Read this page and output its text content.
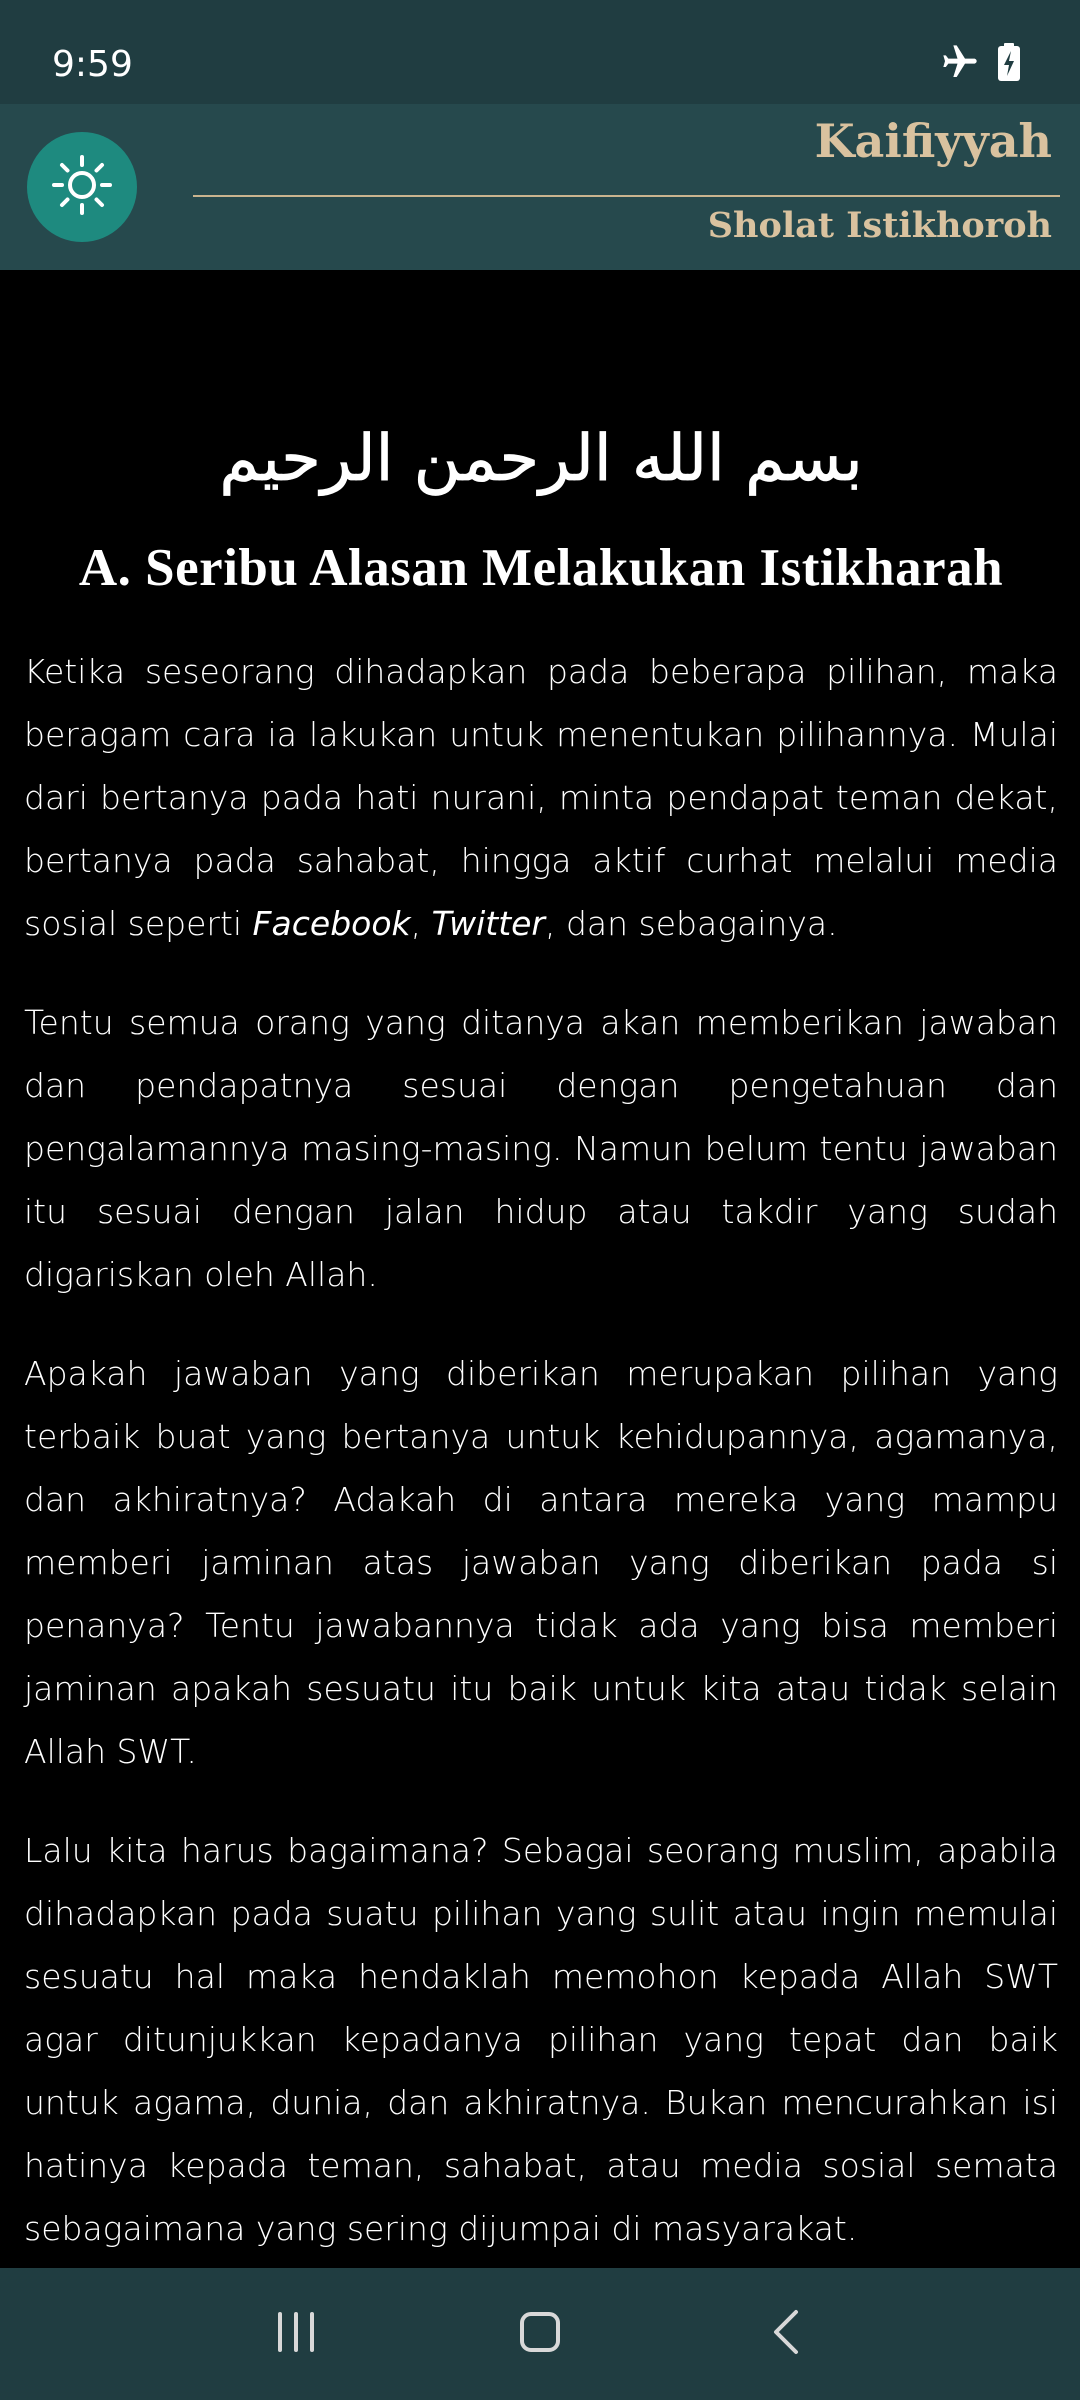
9:59
Kaifiyyah
Sholat Istikhoroh
بسم الله الرحمن الرحيم
A. Seribu Alasan Melakukan Istikharah

Ketika seseorang dihadapkan pada beberapa pilihan, maka beragam cara ia lakukan untuk menentukan pilihannya. Mulai dari bertanya pada hati nurani, minta pendapat teman dekat, bertanya pada sahabat, hingga aktif curhat melalui media sosial seperti Facebook, Twitter, dan sebagainya.

Tentu semua orang yang ditanya akan memberikan jawaban dan pendapatnya sesuai dengan pengetahuan dan pengalamannya masing-masing. Namun belum tentu jawaban itu sesuai dengan jalan hidup atau takdir yang sudah digariskan oleh Allah.

Apakah jawaban yang diberikan merupakan pilihan yang terbaik buat yang bertanya untuk kehidupannya, agamanya, dan akhiratnya? Adakah di antara mereka yang mampu memberi jaminan atas jawaban yang diberikan pada si penanya? Tentu jawabannya tidak ada yang bisa memberi jaminan apakah sesuatu itu baik untuk kita atau tidak selain Allah SWT.

Lalu kita harus bagaimana? Sebagai seorang muslim, apabila dihadapkan pada suatu pilihan yang sulit atau ingin memulai sesuatu hal maka hendaklah memohon kepada Allah SWT agar ditunjukkan kepadanya pilihan yang tepat dan baik untuk agama, dunia, dan akhiratnya. Bukan mencurahkan isi hatinya kepada teman, sahabat, atau media sosial semata sebagaimana yang sering dijumpai di masyarakat.
